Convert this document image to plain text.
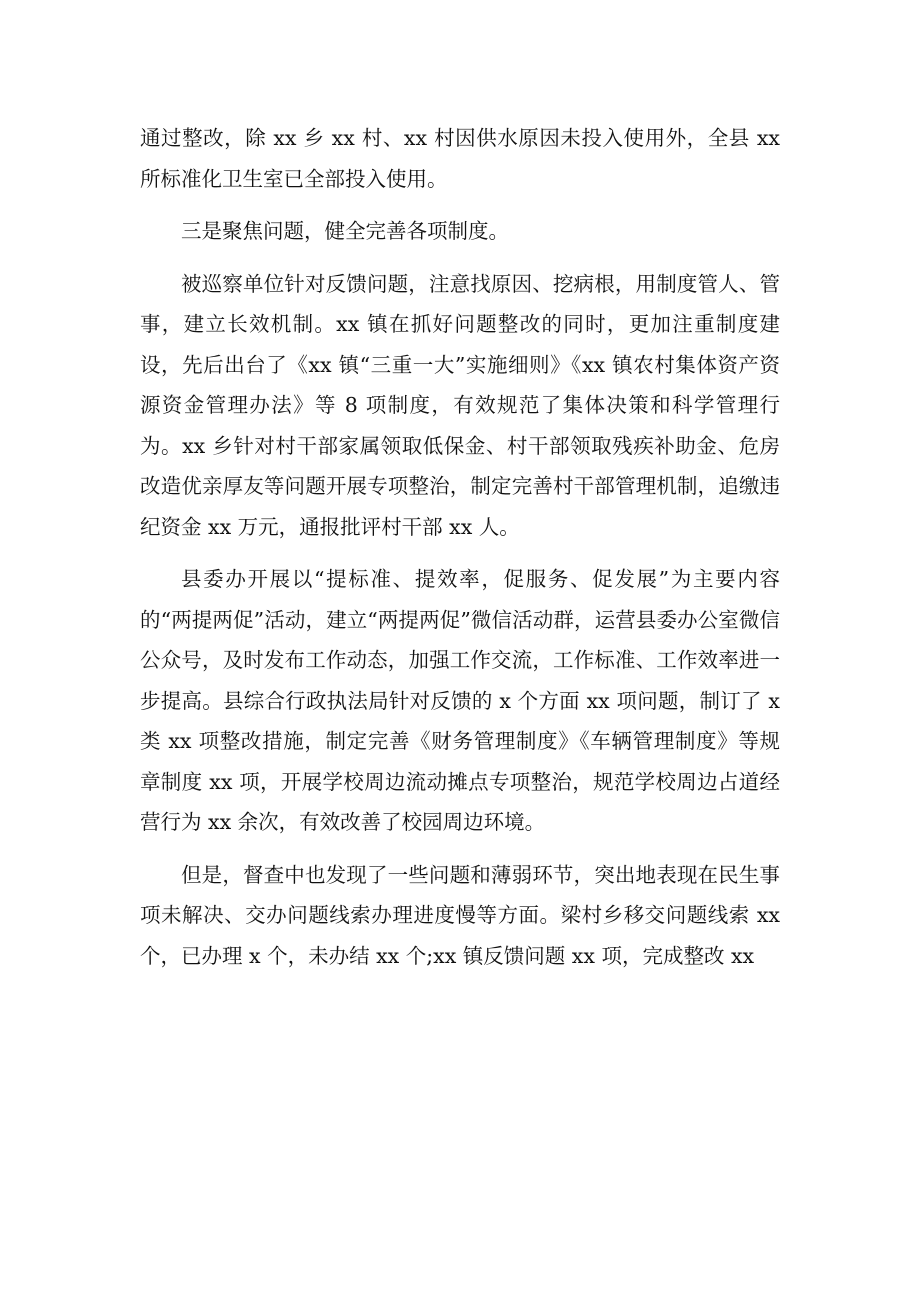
通过整改，除 xx 乡 xx 村、xx 村因供水原因未投入使用外，全县 xx 所标准化卫生室已全部投入使用。

三是聚焦问题，健全完善各项制度。

被巡察单位针对反馈问题，注意找原因、挖病根，用制度管人、管事，建立长效机制。xx 镇在抓好问题整改的同时，更加注重制度建设，先后出台了《xx 镇“三重一大”实施细则》《xx 镇农村集体资产资源资金管理办法》等 8 项制度，有效规范了集体决策和科学管理行为。xx 乡针对村干部家属领取低保金、村干部领取残疾补助金、危房改造优亲厚友等问题开展专项整治，制定完善村干部管理机制，追缴违纪资金 xx 万元，通报批评村干部 xx 人。

县委办开展以“提标准、提效率，促服务、促发展”为主要内容的“两提两促”活动，建立“两提两促”微信活动群，运营县委办公室微信公众号，及时发布工作动态，加强工作交流，工作标准、工作效率进一步提高。县综合行政执法局针对反馈的 x 个方面 xx 项问题，制订了 x 类 xx 项整改措施，制定完善《财务管理制度》《车辆管理制度》等规章制度 xx 项，开展学校周边流动摊点专项整治，规范学校周边占道经营行为 xx 余次，有效改善了校园周边环境。

但是，督查中也发现了一些问题和薄弱环节，突出地表现在民生事项未解决、交办问题线索办理进度慢等方面。梁村乡移交问题线索 xx 个，已办理 x 个，未办结 xx 个;xx 镇反馈问题 xx 项，完成整改 xx
